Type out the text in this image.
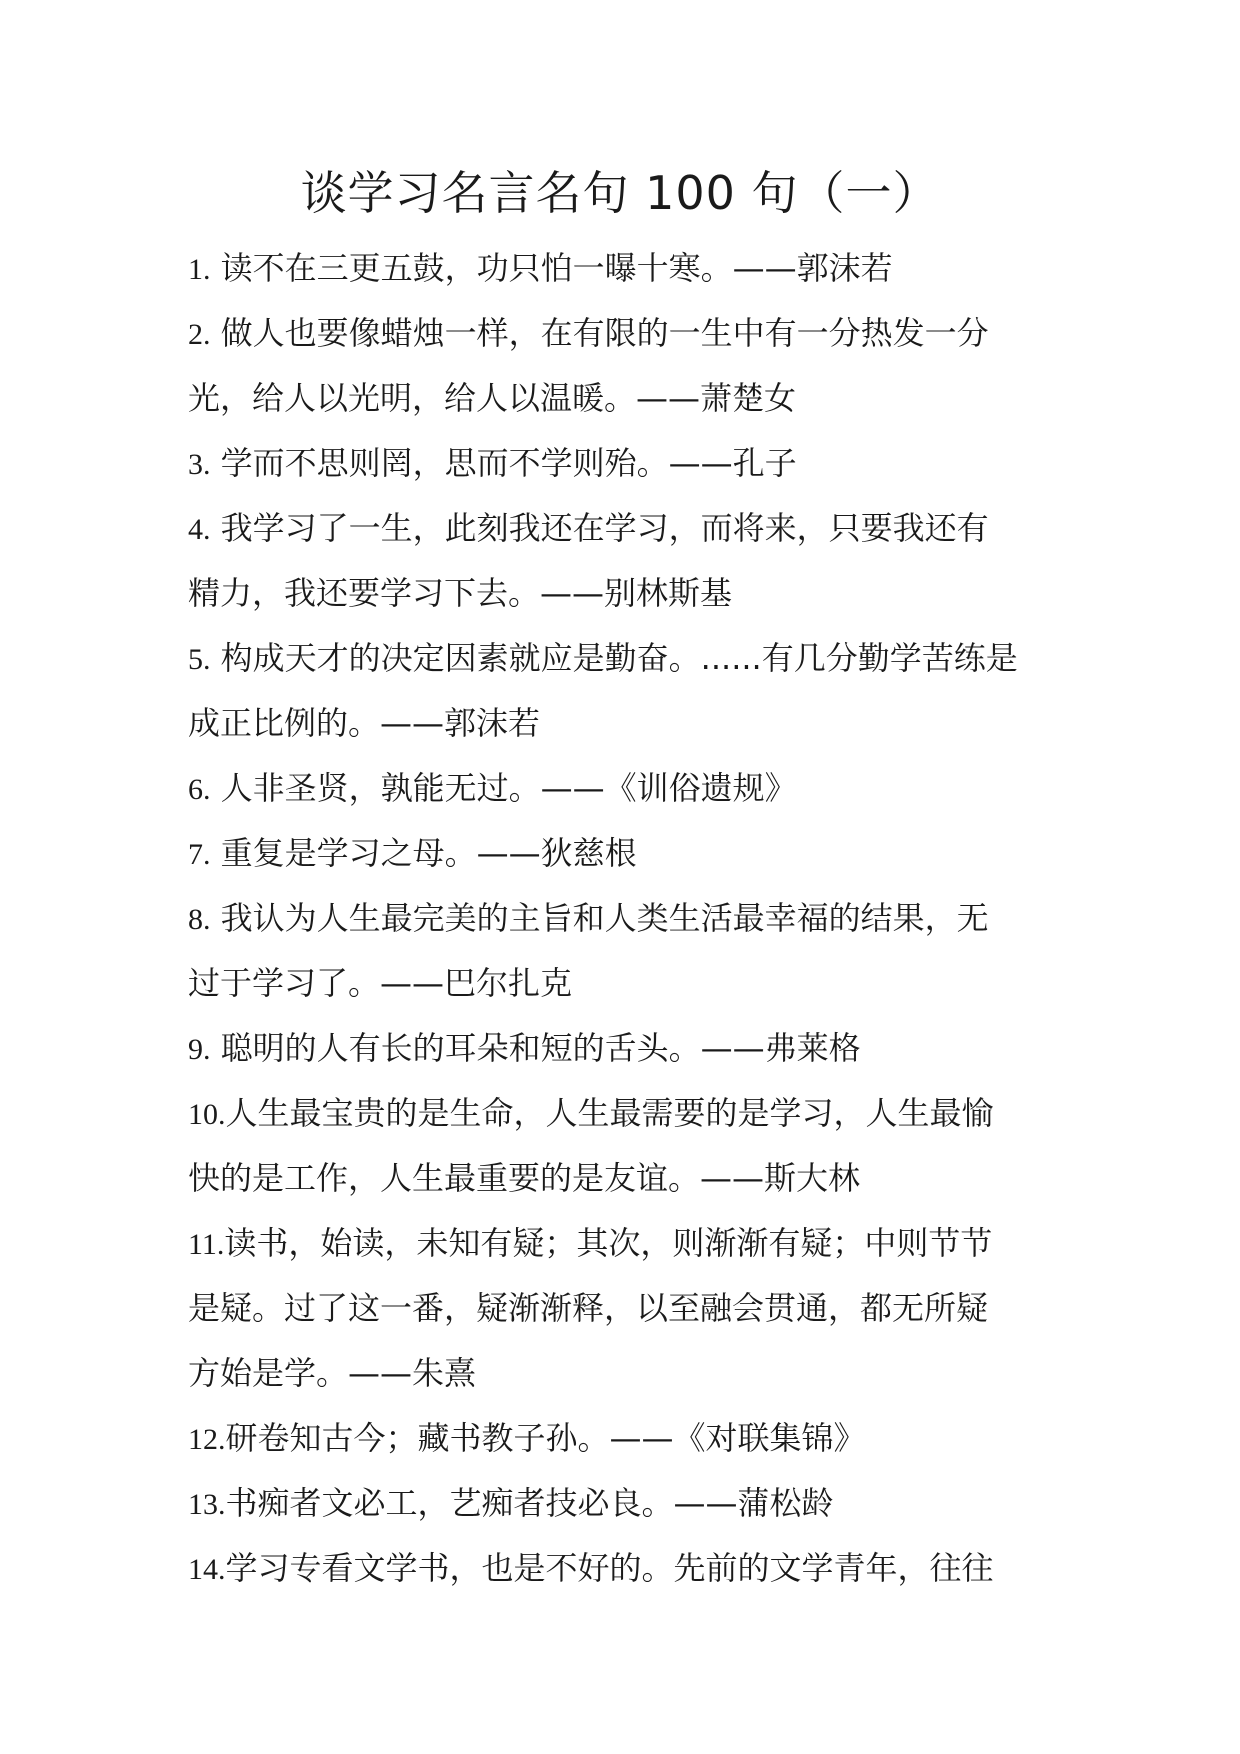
谈学习名言名句 100 句（一）
1. 读不在三更五鼓，功只怕一曝十寒。——郭沫若
2. 做人也要像蜡烛一样，在有限的一生中有一分热发一分
光，给人以光明，给人以温暖。——萧楚女
3. 学而不思则罔，思而不学则殆。——孔子
4. 我学习了一生，此刻我还在学习，而将来，只要我还有
精力，我还要学习下去。——别林斯基
5. 构成天才的决定因素就应是勤奋。......有几分勤学苦练是
成正比例的。——郭沫若
6. 人非圣贤，孰能无过。——《训俗遗规》
7. 重复是学习之母。——狄慈根
8. 我认为人生最完美的主旨和人类生活最幸福的结果，无
过于学习了。——巴尔扎克
9. 聪明的人有长的耳朵和短的舌头。——弗莱格
10.人生最宝贵的是生命，人生最需要的是学习，人生最愉
快的是工作，人生最重要的是友谊。——斯大林
11.读书，始读，未知有疑；其次，则渐渐有疑；中则节节
是疑。过了这一番，疑渐渐释，以至融会贯通，都无所疑
方始是学。——朱熹
12.研卷知古今；藏书教子孙。——《对联集锦》
13.书痴者文必工，艺痴者技必良。——蒲松龄
14.学习专看文学书，也是不好的。先前的文学青年，往往
